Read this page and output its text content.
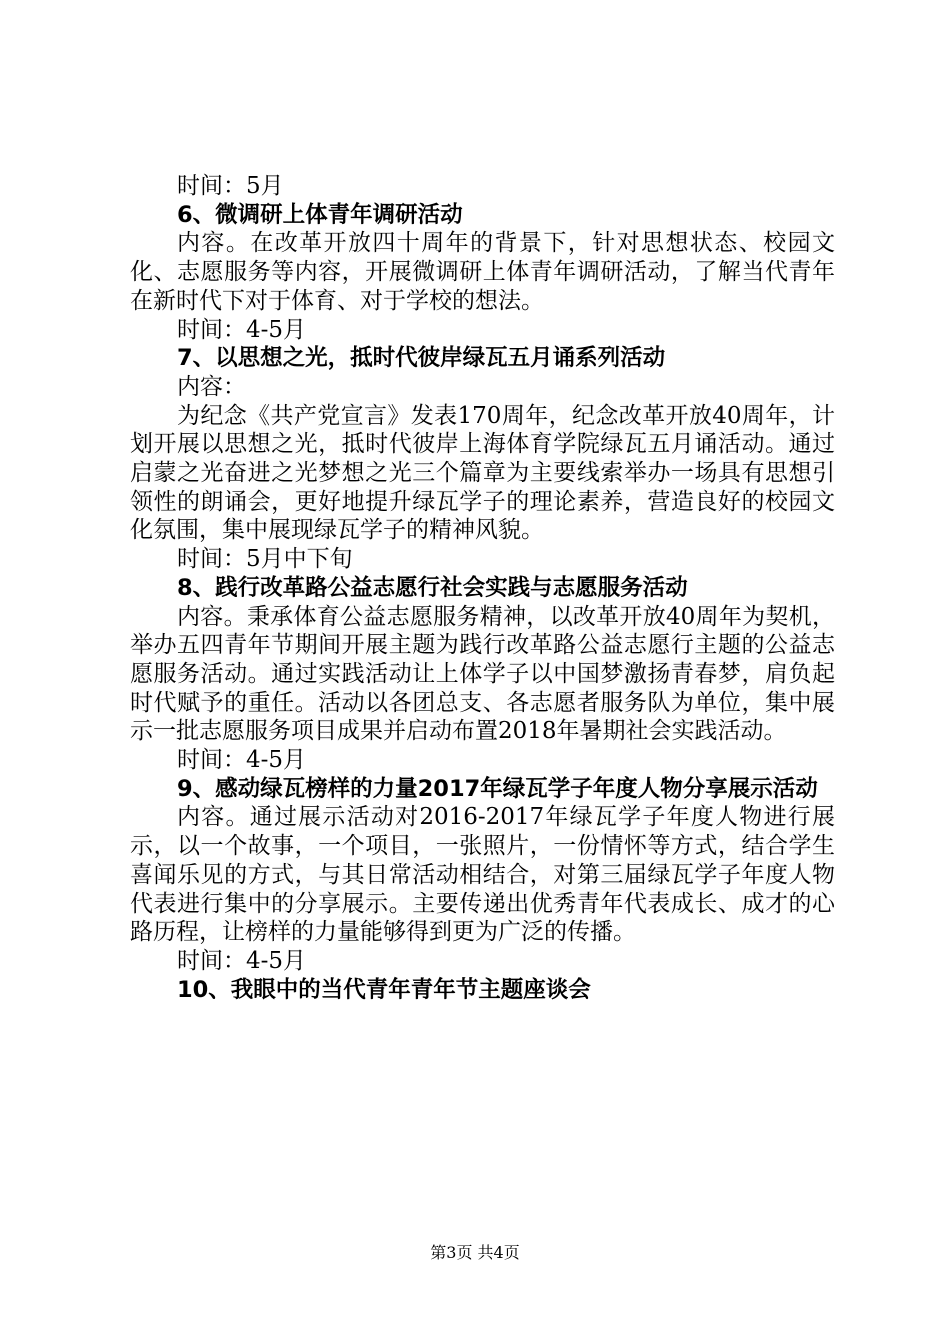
时间：5月

6、微调研上体青年调研活动

内容。在改革开放四十周年的背景下，针对思想状态、校园文化、志愿服务等内容，开展微调研上体青年调研活动，了解当代青年在新时代下对于体育、对于学校的想法。

时间：4-5月

7、以思想之光，抵时代彼岸绿瓦五月诵系列活动

内容：

为纪念《共产党宣言》发表170周年，纪念改革开放40周年，计划开展以思想之光，抵时代彼岸上海体育学院绿瓦五月诵活动。通过启蒙之光奋进之光梦想之光三个篇章为主要线索举办一场具有思想引领性的朗诵会，更好地提升绿瓦学子的理论素养，营造良好的校园文化氛围，集中展现绿瓦学子的精神风貌。

时间：5月中下旬

8、践行改革路公益志愿行社会实践与志愿服务活动

内容。秉承体育公益志愿服务精神，以改革开放40周年为契机，举办五四青年节期间开展主题为践行改革路公益志愿行主题的公益志愿服务活动。通过实践活动让上体学子以中国梦激扬青春梦，肩负起时代赋予的重任。活动以各团总支、各志愿者服务队为单位，集中展示一批志愿服务项目成果并启动布置2018年暑期社会实践活动。

时间：4-5月

9、感动绿瓦榜样的力量2017年绿瓦学子年度人物分享展示活动

内容。通过展示活动对2016-2017年绿瓦学子年度人物进行展示，以一个故事，一个项目，一张照片，一份情怀等方式，结合学生喜闻乐见的方式，与其日常活动相结合，对第三届绿瓦学子年度人物代表进行集中的分享展示。主要传递出优秀青年代表成长、成才的心路历程，让榜样的力量能够得到更为广泛的传播。

时间：4-5月

10、我眼中的当代青年青年节主题座谈会

第3页 共4页
